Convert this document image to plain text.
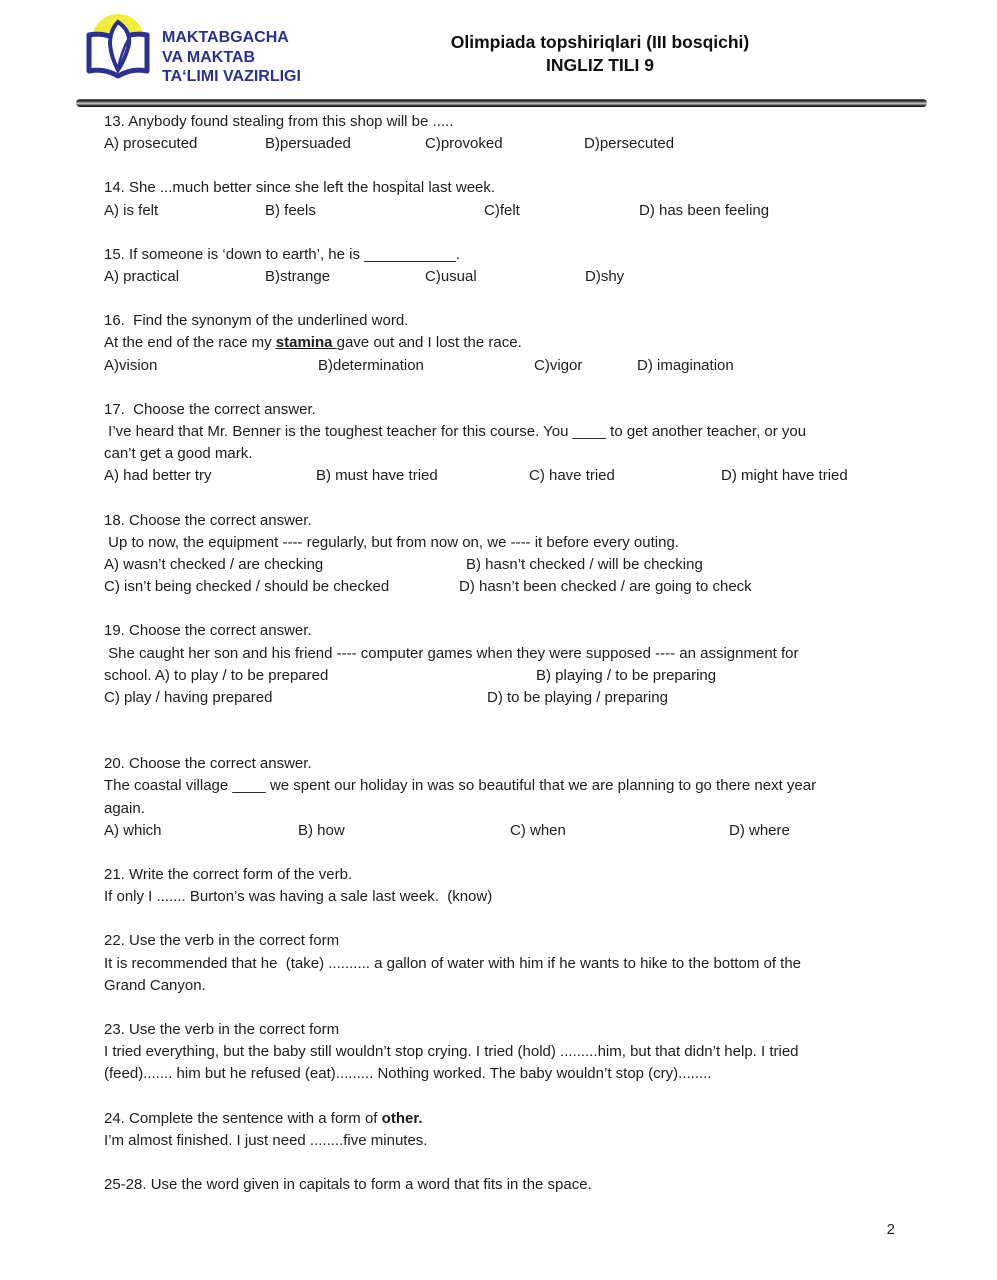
MAKTABGACHA
VA MAKTAB
TA‘LIMI VAZIRLIGI
Olimpiada topshiriqlari (III bosqichi)
INGLIZ TILI 9
13. Anybody found stealing from this shop will be .....
A) prosecuted	B)persuaded	C)provoked	D)persecuted
14. She ...much better since she left the hospital last week.
A) is felt	B) feels	C)felt	D) has been feeling
15. If someone is ‘down to earth’, he is ___________.
A) practical	B)strange	C)usual	D)shy
16.  Find the synonym of the underlined word.
At the end of the race my stamina gave out and I lost the race.
A)vision	B)determination	C)vigor	D) imagination
17.  Choose the correct answer.
I’ve heard that Mr. Benner is the toughest teacher for this course. You ____ to get another teacher, or you
can’t get a good mark.
A) had better try	B) must have tried	C) have tried	D) might have tried
18. Choose the correct answer.
Up to now, the equipment ---- regularly, but from now on, we ---- it before every outing.
A) wasn’t checked / are checking	B) hasn’t checked / will be checking
C) isn’t being checked / should be checked	D) hasn’t been checked / are going to check
19. Choose the correct answer.
She caught her son and his friend ---- computer games when they were supposed ---- an assignment for
school. A) to play / to be prepared	B) playing / to be preparing
C) play / having prepared	D) to be playing / preparing
20. Choose the correct answer.
The coastal village ____ we spent our holiday in was so beautiful that we are planning to go there next year
again.
A) which	B) how	C) when	D) where
21. Write the correct form of the verb.
If only I ....... Burton’s was having a sale last week.  (know)
22. Use the verb in the correct form
It is recommended that he  (take) .......... a gallon of water with him if he wants to hike to the bottom of the
Grand Canyon.
23. Use the verb in the correct form
I tried everything, but the baby still wouldn’t stop crying. I tried (hold) .........him, but that didn’t help. I tried
(feed)....... him but he refused (eat)......... Nothing worked. The baby wouldn’t stop (cry)........
24. Complete the sentence with a form of other.
I’m almost finished. I just need ........five minutes.
25-28. Use the word given in capitals to form a word that fits in the space.
2
